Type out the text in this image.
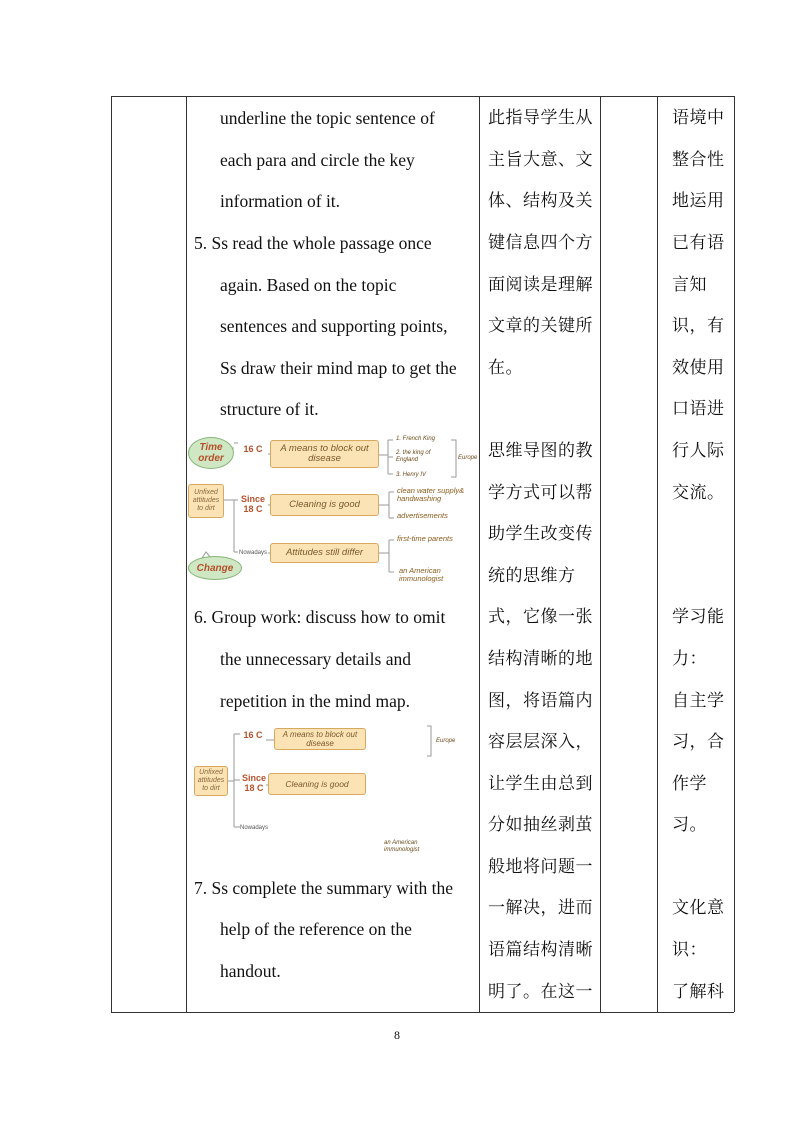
underline the topic sentence of
each para and circle the key
information of it.
5. Ss read the whole passage once
again. Based on the topic
sentences and supporting points,
Ss draw their mind map to get the
structure of it.
6. Group work: discuss how to omit
the unnecessary details and
repetition in the mind map.
7. Ss complete the summary with the
help of the reference on the
handout.
Time order
Change
Unfixed attitudes to dirt
16 C
Since 18 C
Nowadays
A means to block out disease
Cleaning is good
Attitudes still differ
1. French King
2. the king of England
3. Henry IV
Europe
clean water supply& handwashing
advertisements
first-time parents
an American immunologist
Unfixed attitudes to dirt
16 C
Since 18 C
Nowadays
A means to block out disease
Cleaning is good
Europe
an American immunologist
此指导学生从
主旨大意、文
体、结构及关
键信息四个方
面阅读是理解
文章的关键所
在。
思维导图的教
学方式可以帮
助学生改变传
统的思维方
式，它像一张
结构清晰的地
图，将语篇内
容层层深入，
让学生由总到
分如抽丝剥茧
般地将问题一
一解决，进而
语篇结构清晰
明了。在这一
语境中
整合性
地运用
已有语
言知
识，有
效使用
口语进
行人际
交流。
学习能
力：
自主学
习，合
作学
习。
文化意
识：
了解科
8
